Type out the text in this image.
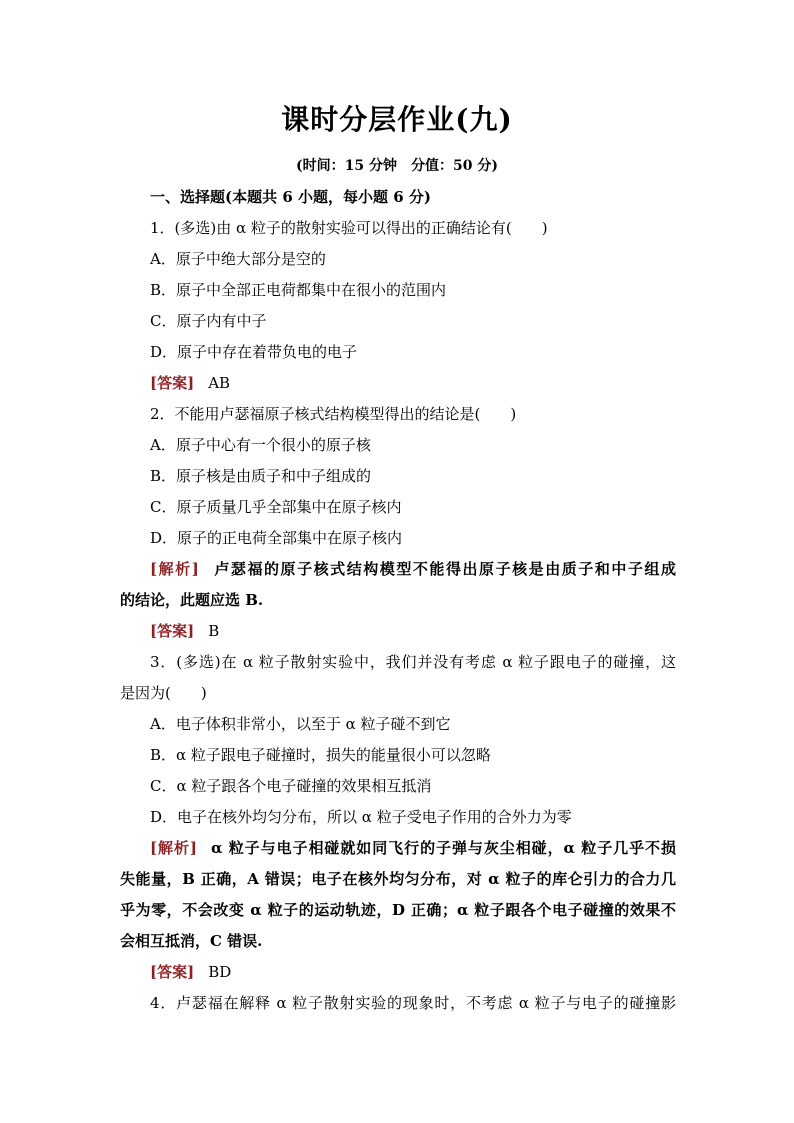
课时分层作业(九)
(时间：15 分钟　分值：50 分)
一、选择题(本题共 6 小题，每小题 6 分)
1．(多选)由 α 粒子的散射实验可以得出的正确结论有(　　)
A．原子中绝大部分是空的
B．原子中全部正电荷都集中在很小的范围内
C．原子内有中子
D．原子中存在着带负电的电子
[答案] AB
2．不能用卢瑟福原子核式结构模型得出的结论是(　　)
A．原子中心有一个很小的原子核
B．原子核是由质子和中子组成的
C．原子质量几乎全部集中在原子核内
D．原子的正电荷全部集中在原子核内
[解析] 卢瑟福的原子核式结构模型不能得出原子核是由质子和中子组成
的结论，此题应选 B.
[答案] B
3．(多选)在 α 粒子散射实验中，我们并没有考虑 α 粒子跟电子的碰撞，这
是因为(　　)
A．电子体积非常小，以至于 α 粒子碰不到它
B．α 粒子跟电子碰撞时，损失的能量很小可以忽略
C．α 粒子跟各个电子碰撞的效果相互抵消
D．电子在核外均匀分布，所以 α 粒子受电子作用的合外力为零
[解析] α 粒子与电子相碰就如同飞行的子弹与灰尘相碰，α 粒子几乎不损
失能量，B 正确，A 错误；电子在核外均匀分布，对 α 粒子的库仑引力的合力几
乎为零，不会改变 α 粒子的运动轨迹，D 正确；α 粒子跟各个电子碰撞的效果不
会相互抵消，C 错误.
[答案] BD
4．卢瑟福在解释 α 粒子散射实验的现象时，不考虑 α 粒子与电子的碰撞影
